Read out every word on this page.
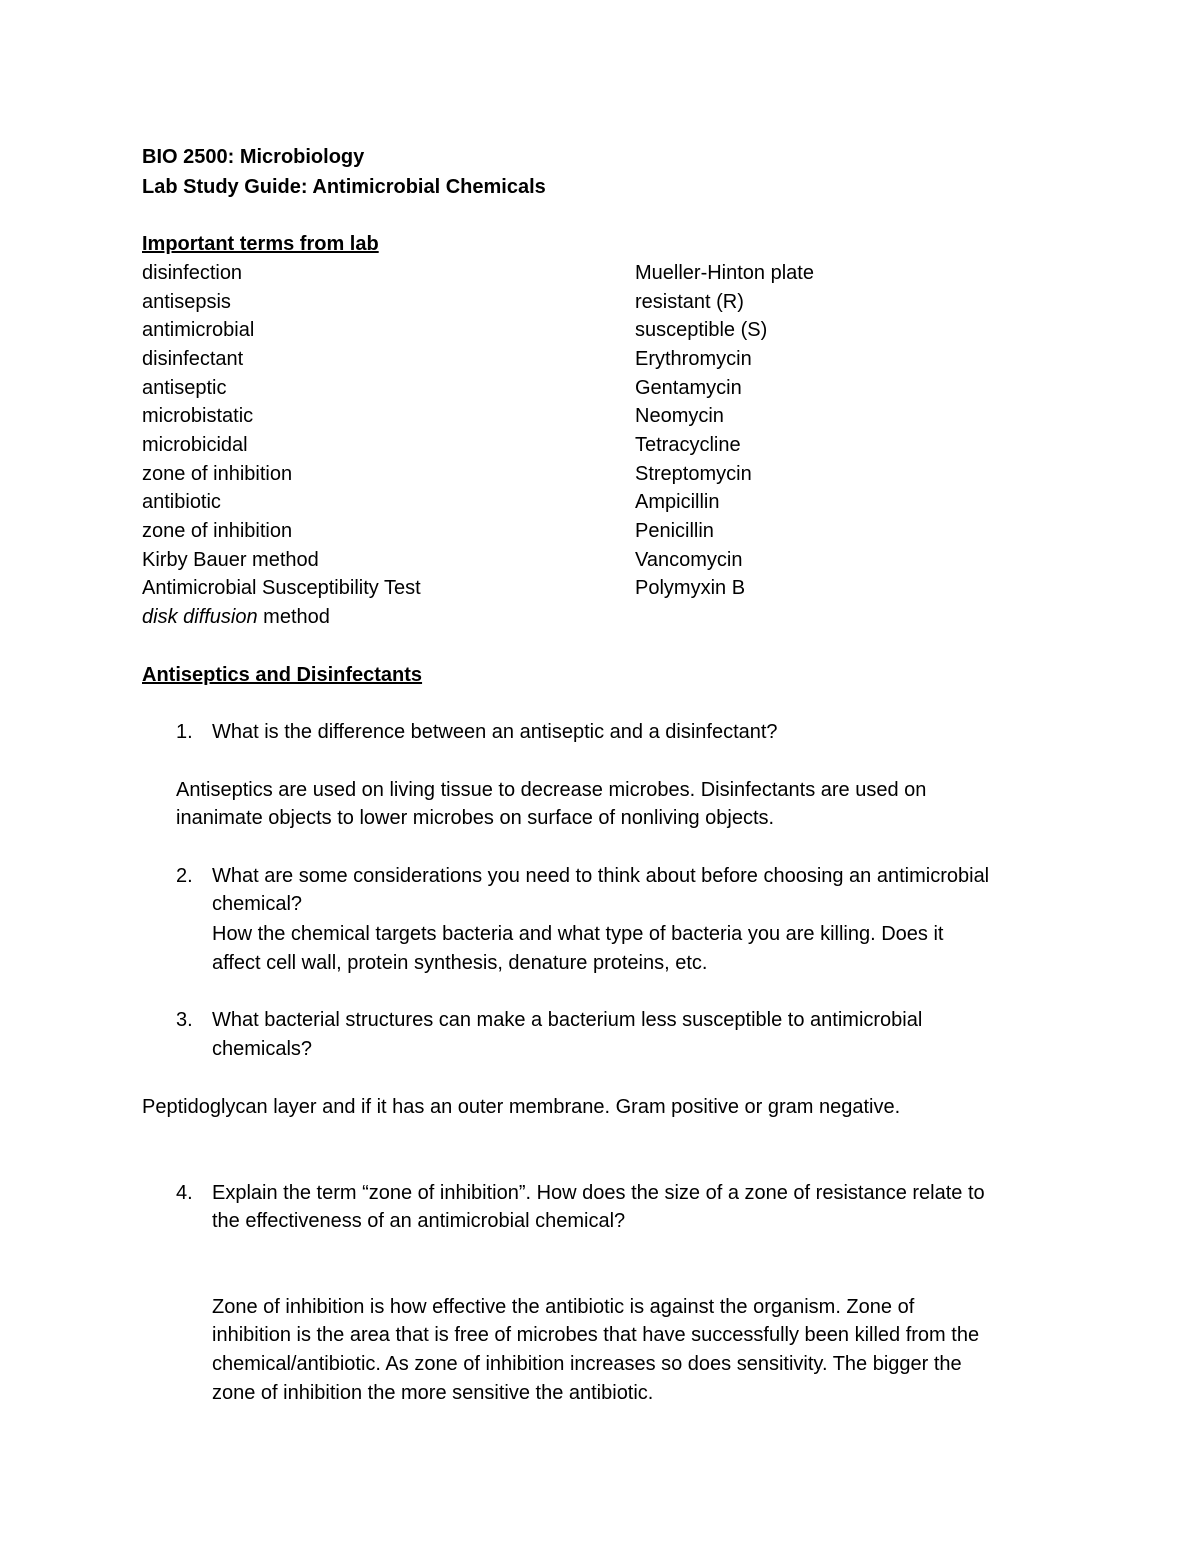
BIO 2500: Microbiology
Lab Study Guide: Antimicrobial Chemicals
Important terms from lab
disinfection
antisepsis
antimicrobial
disinfectant
antiseptic
microbistatic
microbicidal
zone of inhibition
antibiotic
zone of inhibition
Kirby Bauer method
Antimicrobial Susceptibility Test
disk diffusion method
Mueller-Hinton plate
resistant (R)
susceptible (S)
Erythromycin
Gentamycin
Neomycin
Tetracycline
Streptomycin
Ampicillin
Penicillin
Vancomycin
Polymyxin B
Antiseptics and Disinfectants
1. What is the difference between an antiseptic and a disinfectant?
Antiseptics are used on living tissue to decrease microbes. Disinfectants are used on
inanimate objects to lower microbes on surface of nonliving objects.
2. What are some considerations you need to think about before choosing an antimicrobial
chemical?
How the chemical targets bacteria and what type of bacteria you are killing. Does it
affect cell wall, protein synthesis, denature proteins, etc.
3. What bacterial structures can make a bacterium less susceptible to antimicrobial
chemicals?
Peptidoglycan layer and if it has an outer membrane. Gram positive or gram negative.
4. Explain the term “zone of inhibition”. How does the size of a zone of resistance relate to
the effectiveness of an antimicrobial chemical?
Zone of inhibition is how effective the antibiotic is against the organism. Zone of
inhibition is the area that is free of microbes that have successfully been killed from the
chemical/antibiotic. As zone of inhibition increases so does sensitivity. The bigger the
zone of inhibition the more sensitive the antibiotic.
